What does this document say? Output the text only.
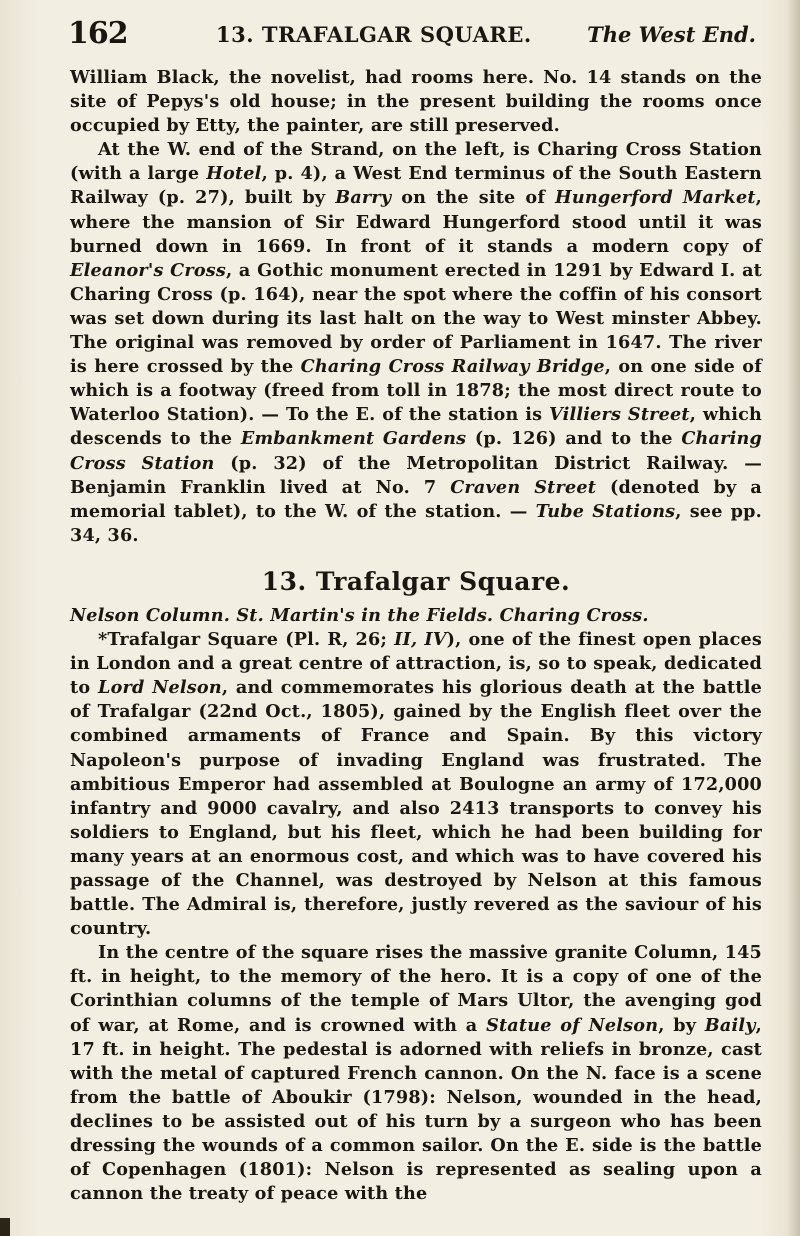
162	13. TRAFALGAR SQUARE.	The West End.

William Black, the novelist, had rooms here. No. 14 stands on the site of Pepys's old house; in the present building the rooms once occupied by Etty, the painter, are still preserved.

At the W. end of the Strand, on the left, is Charing Cross Station (with a large Hotel, p. 4), a West End terminus of the South Eastern Railway (p. 27), built by Barry on the site of Hungerford Market, where the mansion of Sir Edward Hungerford stood until it was burned down in 1669. In front of it stands a modern copy of Eleanor's Cross, a Gothic monument erected in 1291 by Edward I. at Charing Cross (p. 164), near the spot where the coffin of his consort was set down during its last halt on the way to West minster Abbey. The original was removed by order of Parliament in 1647. The river is here crossed by the Charing Cross Railway Bridge, on one side of which is a footway (freed from toll in 1878; the most direct route to Waterloo Station). — To the E. of the station is Villiers Street, which descends to the Embankment Gardens (p. 126) and to the Charing Cross Station (p. 32) of the Metropolitan District Railway. — Benjamin Franklin lived at No. 7 Craven Street (denoted by a memorial tablet), to the W. of the station. — Tube Stations, see pp. 34, 36.

13. Trafalgar Square.

Nelson Column. St. Martin's in the Fields. Charing Cross.

*Trafalgar Square (Pl. R, 26; II, IV), one of the finest open places in London and a great centre of attraction, is, so to speak, dedicated to Lord Nelson, and commemorates his glorious death at the battle of Trafalgar (22nd Oct., 1805), gained by the English fleet over the combined armaments of France and Spain. By this victory Napoleon's purpose of invading England was frustrated. The ambitious Emperor had assembled at Boulogne an army of 172,000 infantry and 9000 cavalry, and also 2413 transports to convey his soldiers to England, but his fleet, which he had been building for many years at an enormous cost, and which was to have covered his passage of the Channel, was destroyed by Nelson at this famous battle. The Admiral is, therefore, justly revered as the saviour of his country.

In the centre of the square rises the massive granite Column, 145 ft. in height, to the memory of the hero. It is a copy of one of the Corinthian columns of the temple of Mars Ultor, the avenging god of war, at Rome, and is crowned with a Statue of Nelson, by Baily, 17 ft. in height. The pedestal is adorned with reliefs in bronze, cast with the metal of captured French cannon. On the N. face is a scene from the battle of Aboukir (1798): Nelson, wounded in the head, declines to be assisted out of his turn by a surgeon who has been dressing the wounds of a common sailor. On the E. side is the battle of Copenhagen (1801): Nelson is represented as sealing upon a cannon the treaty of peace with the
